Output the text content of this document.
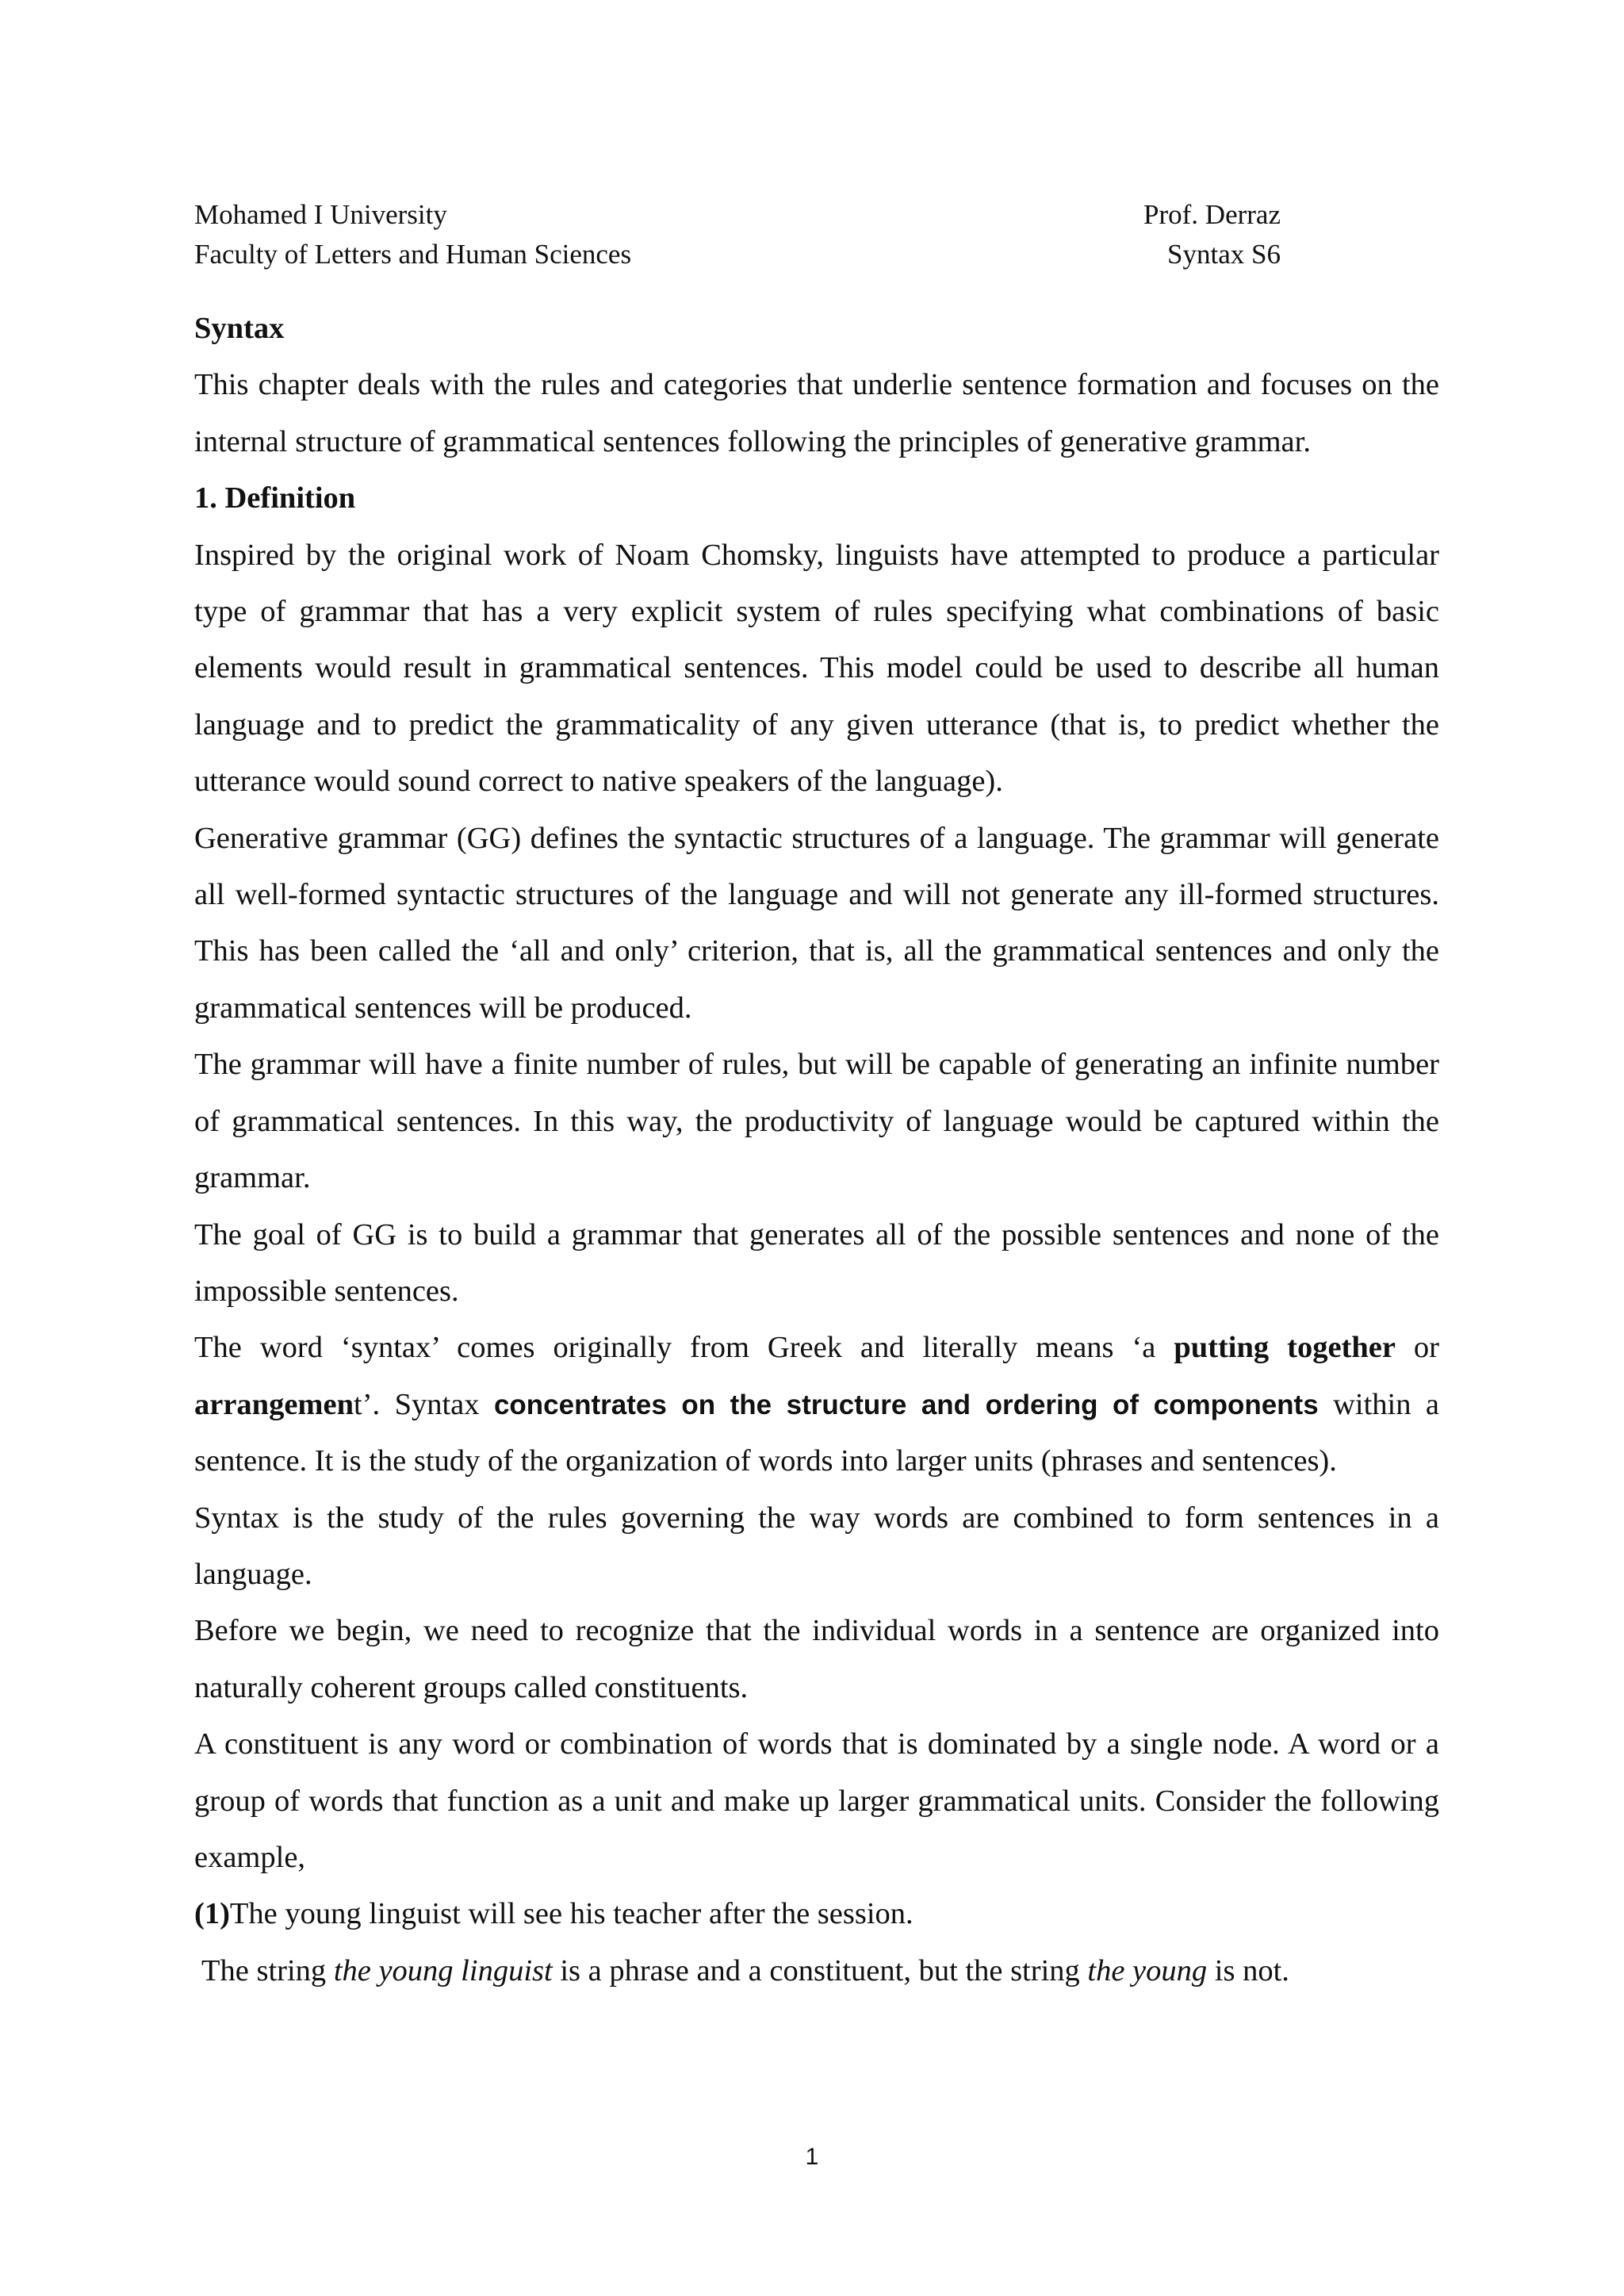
Mohamed I University	Prof. Derraz
Faculty of Letters and Human Sciences	Syntax S6
Syntax

This chapter deals with the rules and categories that underlie sentence formation and focuses on the internal structure of grammatical sentences following the principles of generative grammar.

1. Definition

Inspired by the original work of Noam Chomsky, linguists have attempted to produce a particular type of grammar that has a very explicit system of rules specifying what combinations of basic elements would result in grammatical sentences. This model could be used to describe all human language and to predict the grammaticality of any given utterance (that is, to predict whether the utterance would sound correct to native speakers of the language).

Generative grammar (GG) defines the syntactic structures of a language. The grammar will generate all well-formed syntactic structures of the language and will not generate any ill-formed structures. This has been called the ‘all and only’ criterion, that is, all the grammatical sentences and only the grammatical sentences will be produced.

The grammar will have a finite number of rules, but will be capable of generating an infinite number of grammatical sentences. In this way, the productivity of language would be captured within the grammar.

The goal of GG is to build a grammar that generates all of the possible sentences and none of the impossible sentences.

The word ‘syntax’ comes originally from Greek and literally means ‘a putting together or arrangement’. Syntax concentrates on the structure and ordering of components within a sentence. It is the study of the organization of words into larger units (phrases and sentences).

Syntax is the study of the rules governing the way words are combined to form sentences in a language.

Before we begin, we need to recognize that the individual words in a sentence are organized into naturally coherent groups called constituents.

A constituent is any word or combination of words that is dominated by a single node. A word or a group of words that function as a unit and make up larger grammatical units. Consider the following example,

(1)The young linguist will see his teacher after the session.

The string the young linguist is a phrase and a constituent, but the string the young is not.

1
